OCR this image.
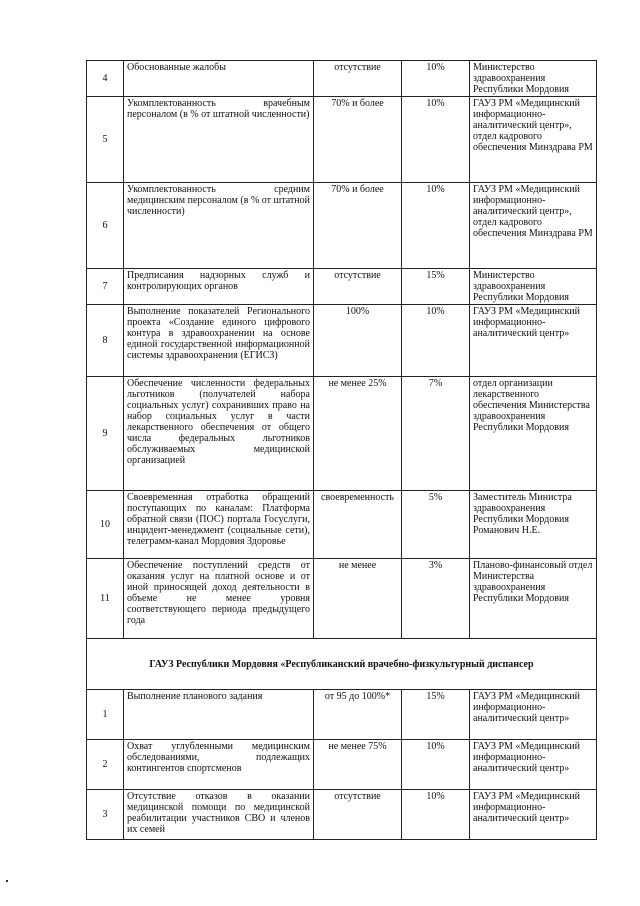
4	Обоснованные жалобы	отсутствие	10%	Министерство здравоохранения Республики Мордовия
5	Укомплектованность врачебным персоналом (в % от штатной численности)	70% и более	10%	ГАУЗ РМ «Медицинский информационно-аналитический центр», отдел кадрового обеспечения Минздрава РМ
6	Укомплектованность средним медицинским персоналом (в % от штатной численности)	70% и более	10%	ГАУЗ РМ «Медицинский информационно-аналитический центр», отдел кадрового обеспечения Минздрава РМ
7	Предписания надзорных служб и контролирующих органов	отсутствие	15%	Министерство здравоохранения Республики Мордовия
8	Выполнение показателей Регионального проекта «Создание единого цифрового контура в здравоохранении на основе единой государственной информационной системы здравоохранения (ЕГИСЗ)	100%	10%	ГАУЗ РМ «Медицинский информационно-аналитический центр»
9	Обеспечение численности федеральных льготников (получателей набора социальных услуг) сохранивших право на набор социальных услуг в части лекарственного обеспечения от общего числа федеральных льготников обслуживаемых медицинской организацией	не менее 25%	7%	отдел организации лекарственного обеспечения Министерства здравоохранения Республики Мордовия
10	Своевременная отработка обращений поступающих по каналам: Платформа обратной связи (ПОС) портала Госуслуги, инцидент-менеджмент (социальные сети), телеграмм-канал Мордовия Здоровье	своевременность	5%	Заместитель Министра здравоохранения Республики Мордовия Романович Н.Е.
11	Обеспечение поступлений средств от оказания услуг на платной основе и от иной приносящей доход деятельности в объеме не менее уровня соответствующего периода предыдущего года	не менее	3%	Планово-финансовый отдел Министерства здравоохранения Республики Мордовия
ГАУЗ Республики Мордовия «Республиканский врачебно-физкультурный диспансер				
1	Выполнение планового задания	от 95 до 100%*	15%	ГАУЗ РМ «Медицинский информационно-аналитический центр»
2	Охват углубленными медицинским обследованиями, подлежащих контингентов спортсменов	не менее 75%	10%	ГАУЗ РМ «Медицинский информационно-аналитический центр»
3	Отсутствие отказов в оказании медицинской помощи по медицинской реабилитации участников СВО и членов их семей	отсутствие	10%	ГАУЗ РМ «Медицинский информационно-аналитический центр»
